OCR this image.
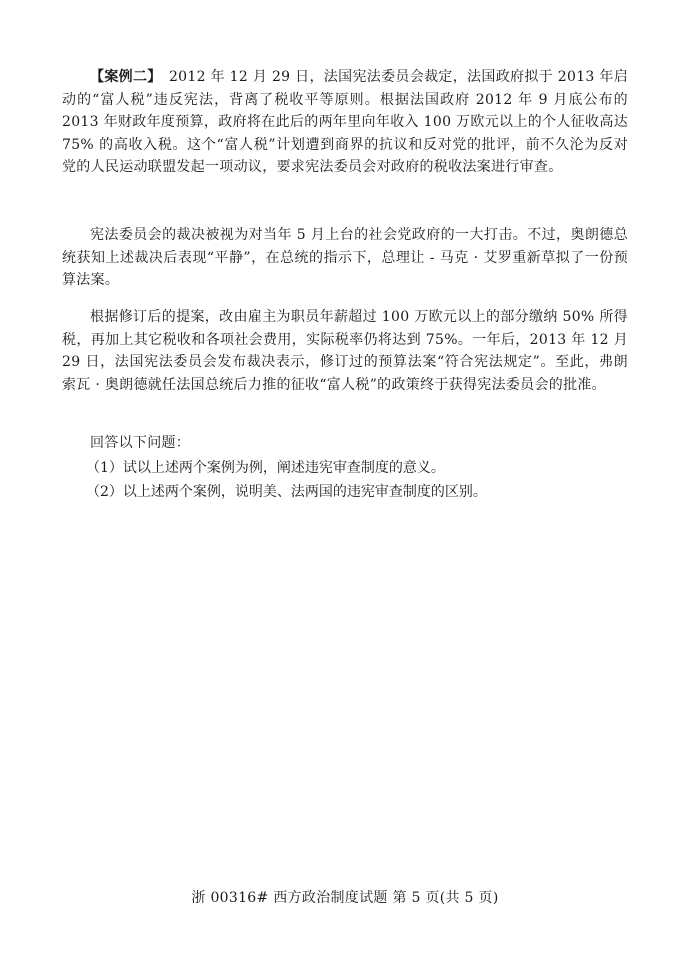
【案例二】　2012 年 12 月 29 日，法国宪法委员会裁定，法国政府拟于 2013 年启动的“富人税”违反宪法，背离了税收平等原则。根据法国政府 2012 年 9 月底公布的 2013 年财政年度预算，政府将在此后的两年里向年收入 100 万欧元以上的个人征收高达 75% 的高收入税。这个“富人税”计划遭到商界的抗议和反对党的批评，前不久沦为反对党的人民运动联盟发起一项动议，要求宪法委员会对政府的税收法案进行审查。

宪法委员会的裁决被视为对当年 5 月上台的社会党政府的一大打击。不过，奥朗德总统获知上述裁决后表现“平静”，在总统的指示下，总理让 - 马克 · 艾罗重新草拟了一份预算法案。
根据修订后的提案，改由雇主为职员年薪超过 100 万欧元以上的部分缴纳 50% 所得税，再加上其它税收和各项社会费用，实际税率仍将达到 75%。一年后，2013 年 12 月 29 日，法国宪法委员会发布裁决表示，修订过的预算法案“符合宪法规定”。至此，弗朗索瓦 · 奥朗德就任法国总统后力推的征收“富人税”的政策终于获得宪法委员会的批准。
回答以下问题：
（1）试以上述两个案例为例，阐述违宪审查制度的意义。
（2）以上述两个案例，说明美、法两国的违宪审查制度的区别。
浙 00316# 西方政治制度试题 第 5 页(共 5 页)
